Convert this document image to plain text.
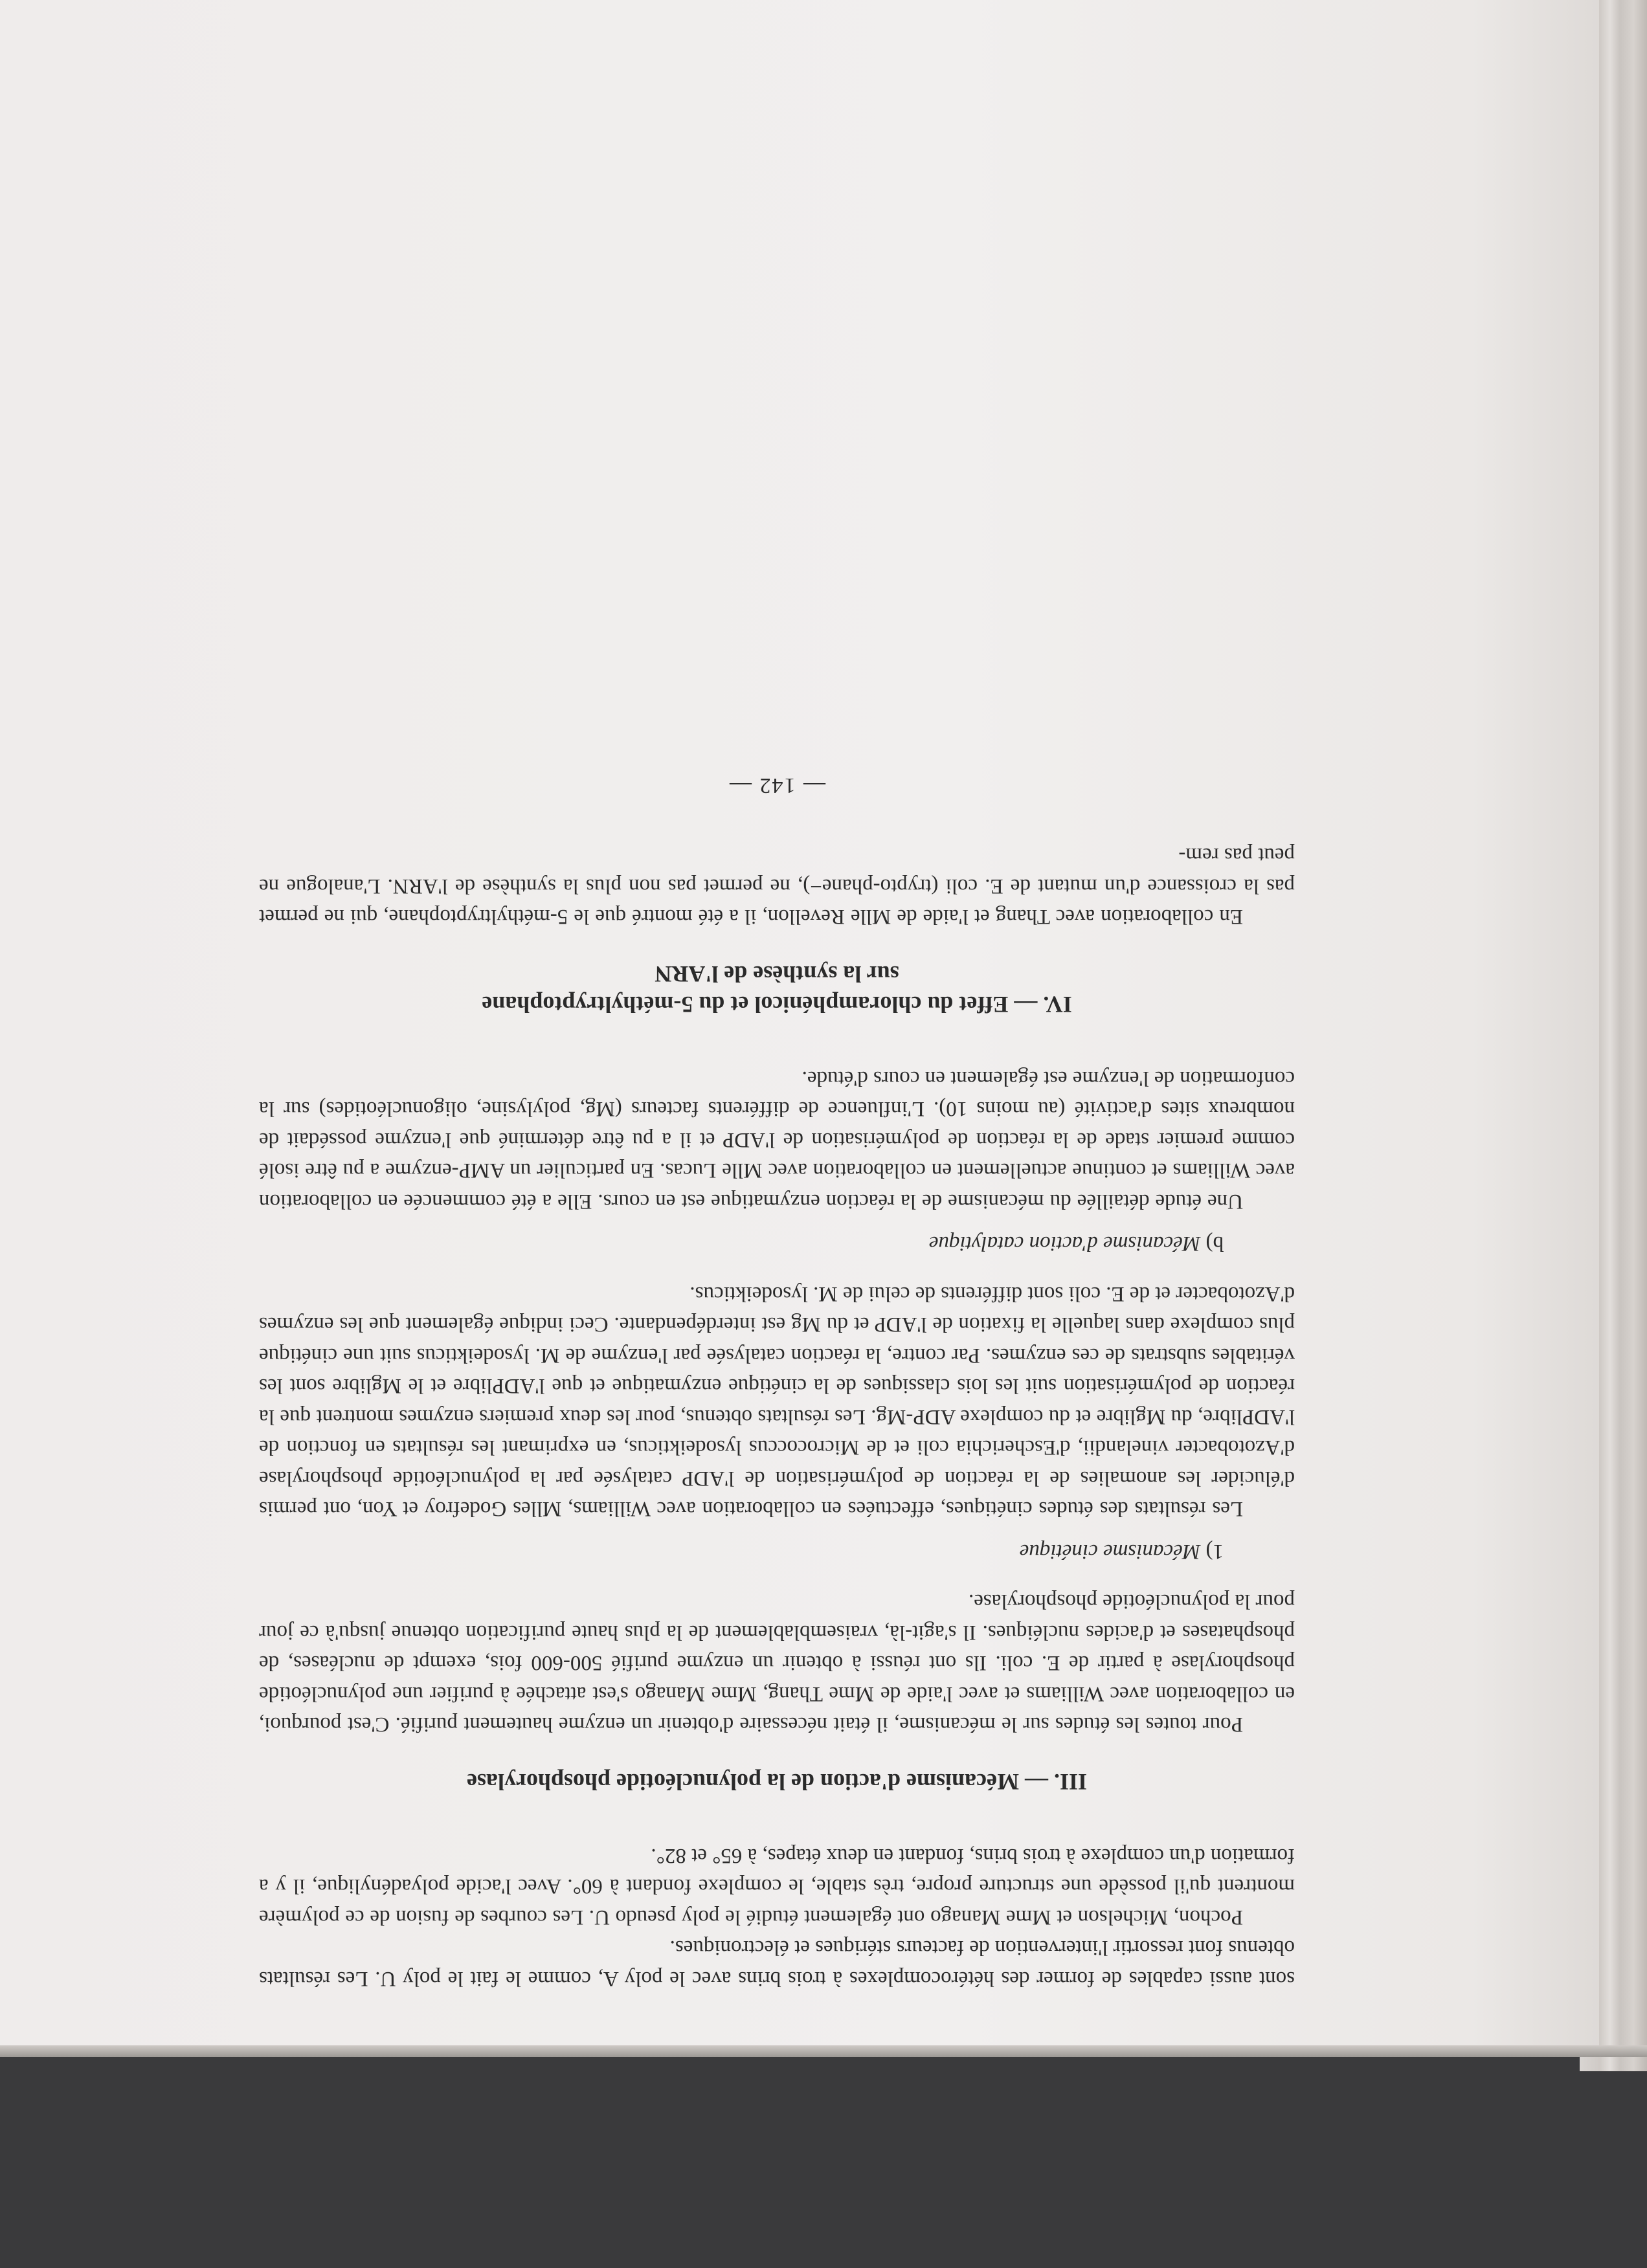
sont aussi capables de former des hétérocomplexes à trois brins avec le poly A, comme le fait le poly U. Les résultats obtenus font ressortir l'intervention de facteurs stériques et électroniques.

Pochon, Michelson et Mme Manago ont également étudié le poly pseudo U. Les courbes de fusion de ce polymère montrent qu'il possède une structure propre, très stable, le complexe fondant à 60°. Avec l'acide polyadénylique, il y a formation d'un complexe à trois brins, fondant en deux étapes, à 65° et 82°.

III. — Mécanisme d'action de la polynucléotide phosphorylase

Pour toutes les études sur le mécanisme, il était nécessaire d'obtenir un enzyme hautement purifié. C'est pourquoi, en collaboration avec Williams et avec l'aide de Mme Thang, Mme Manago s'est attachée à purifier une polynucléotide phosphorylase à partir de E. coli. Ils ont réussi à obtenir un enzyme purifié 500-600 fois, exempt de nucléases, de phosphatases et d'acides nucléiques. Il s'agit-là, vraisemblablement de la plus haute purification obtenue jusqu'à ce jour pour la polynucléotide phosphorylase.

1) Mécanisme cinétique

Les résultats des études cinétiques, effectuées en collaboration avec Williams, Mlles Godefroy et Yon, ont permis d'élucider les anomalies de la réaction de polymérisation de l'ADP catalysée par la polynucléotide phosphorylase d'Azotobacter vinelandii, d'Escherichia coli et de Micrococcus lysodeikticus, en exprimant les résultats en fonction de l'ADPlibre, du Mglibre et du complexe ADP-Mg. Les résultats obtenus, pour les deux premiers enzymes montrent que la réaction de polymérisation suit les lois classiques de la cinétique enzymatique et que l'ADPlibre et le Mglibre sont les véritables substrats de ces enzymes. Par contre, la réaction catalysée par l'enzyme de M. lysodeikticus suit une cinétique plus complexe dans laquelle la fixation de l'ADP et du Mg est interdépendante. Ceci indique également que les enzymes d'Azotobacter et de E. coli sont différents de celui de M. lysodeikticus.

b) Mécanisme d'action catalytique

Une étude détaillée du mécanisme de la réaction enzymatique est en cours. Elle a été commencée en collaboration avec Williams et continue actuellement en collaboration avec Mlle Lucas. En particulier un AMP-enzyme a pu être isolé comme premier stade de la réaction de polymérisation de l'ADP et il a pu être déterminé que l'enzyme possédait de nombreux sites d'activité (au moins 10). L'influence de différents facteurs (Mg, polylysine, oligonucléotides) sur la conformation de l'enzyme est également en cours d'étude.

IV. — Effet du chloramphénicol et du 5-méthyltryptophane
sur la synthèse de l'ARN

En collaboration avec Thang et l'aide de Mlle Revellon, il a été montré que le 5-méthyltryptophane, qui ne permet pas la croissance d'un mutant de E. coli (trypto-phane−), ne permet pas non plus la synthèse de l'ARN. L'analogue ne peut pas rem-

— 142 —
